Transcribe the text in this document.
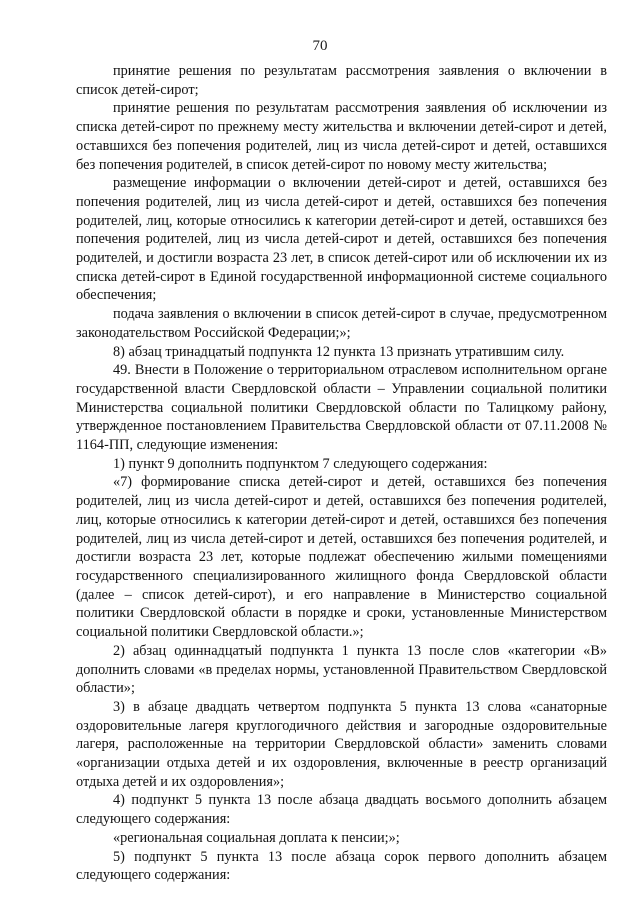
70

принятие решения по результатам рассмотрения заявления о включении в список детей-сирот;

принятие решения по результатам рассмотрения заявления об исключении из списка детей-сирот по прежнему месту жительства и включении детей-сирот и детей, оставшихся без попечения родителей, лиц из числа детей-сирот и детей, оставшихся без попечения родителей, в список детей-сирот по новому месту жительства;

размещение информации о включении детей-сирот и детей, оставшихся без попечения родителей, лиц из числа детей-сирот и детей, оставшихся без попечения родителей, лиц, которые относились к категории детей-сирот и детей, оставшихся без попечения родителей, лиц из числа детей-сирот и детей, оставшихся без попечения родителей, и достигли возраста 23 лет, в список детей-сирот или об исключении их из списка детей-сирот в Единой государственной информационной системе социального обеспечения;

подача заявления о включении в список детей-сирот в случае, предусмотренном законодательством Российской Федерации;»;

8) абзац тринадцатый подпункта 12 пункта 13 признать утратившим силу.

49. Внести в Положение о территориальном отраслевом исполнительном органе государственной власти Свердловской области – Управлении социальной политики Министерства социальной политики Свердловской области по Талицкому району, утвержденное постановлением Правительства Свердловской области от 07.11.2008 № 1164-ПП, следующие изменения:

1) пункт 9 дополнить подпунктом 7 следующего содержания:

«7) формирование списка детей-сирот и детей, оставшихся без попечения родителей, лиц из числа детей-сирот и детей, оставшихся без попечения родителей, лиц, которые относились к категории детей-сирот и детей, оставшихся без попечения родителей, лиц из числа детей-сирот и детей, оставшихся без попечения родителей, и достигли возраста 23 лет, которые подлежат обеспечению жилыми помещениями государственного специализированного жилищного фонда Свердловской области (далее – список детей-сирот), и его направление в Министерство социальной политики Свердловской области в порядке и сроки, установленные Министерством социальной политики Свердловской области.»;

2) абзац одиннадцатый подпункта 1 пункта 13 после слов «категории «В» дополнить словами «в пределах нормы, установленной Правительством Свердловской области»;

3) в абзаце двадцать четвертом подпункта 5 пункта 13 слова «санаторные оздоровительные лагеря круглогодичного действия и загородные оздоровительные лагеря, расположенные на территории Свердловской области» заменить словами «организации отдыха детей и их оздоровления, включенные в реестр организаций отдыха детей и их оздоровления»;

4) подпункт 5 пункта 13 после абзаца двадцать восьмого дополнить абзацем следующего содержания:

«региональная социальная доплата к пенсии;»;

5) подпункт 5 пункта 13 после абзаца сорок первого дополнить абзацем следующего содержания:
